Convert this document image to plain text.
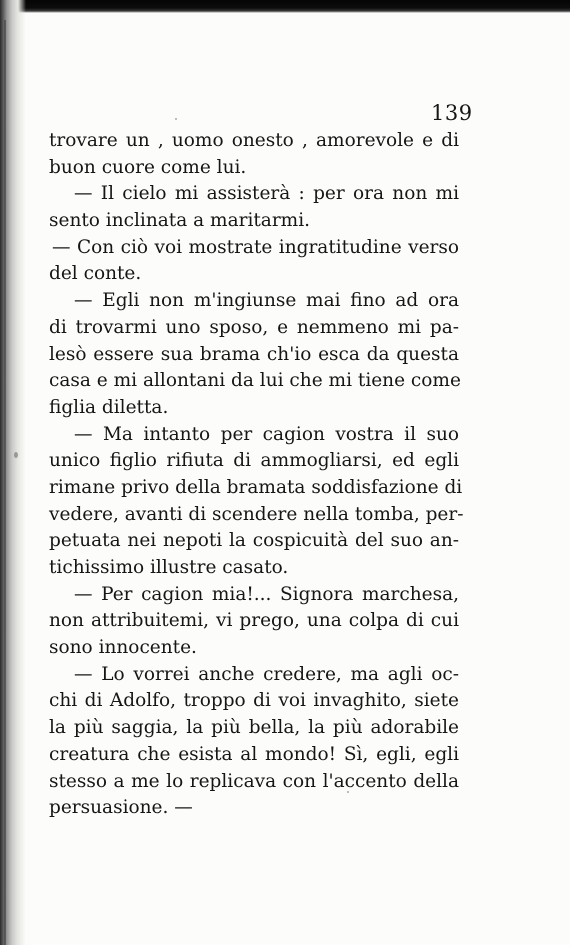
139
trovare un , uomo onesto , amorevole e di
buon cuore come lui.
— Il cielo mi assisterà : per ora non mi
sento inclinata a maritarmi.
— Con ciò voi mostrate ingratitudine verso
del conte.
— Egli non m'ingiunse mai fino ad ora
di trovarmi uno sposo, e nemmeno mi pa-
lesò essere sua brama ch'io esca da questa
casa e mi allontani da lui che mi tiene come
figlia diletta.
— Ma intanto per cagion vostra il suo
unico figlio rifiuta di ammogliarsi, ed egli
rimane privo della bramata soddisfazione di
vedere, avanti di scendere nella tomba, per-
petuata nei nepoti la cospicuità del suo an-
tichissimo illustre casato.
— Per cagion mia!... Signora marchesa,
non attribuitemi, vi prego, una colpa di cui
sono innocente.
— Lo vorrei anche credere, ma agli oc-
chi di Adolfo, troppo di voi invaghito, siete
la più saggia, la più bella, la più adorabile
creatura che esista al mondo! Sì, egli, egli
stesso a me lo replicava con l'accento della
persuasione. —
